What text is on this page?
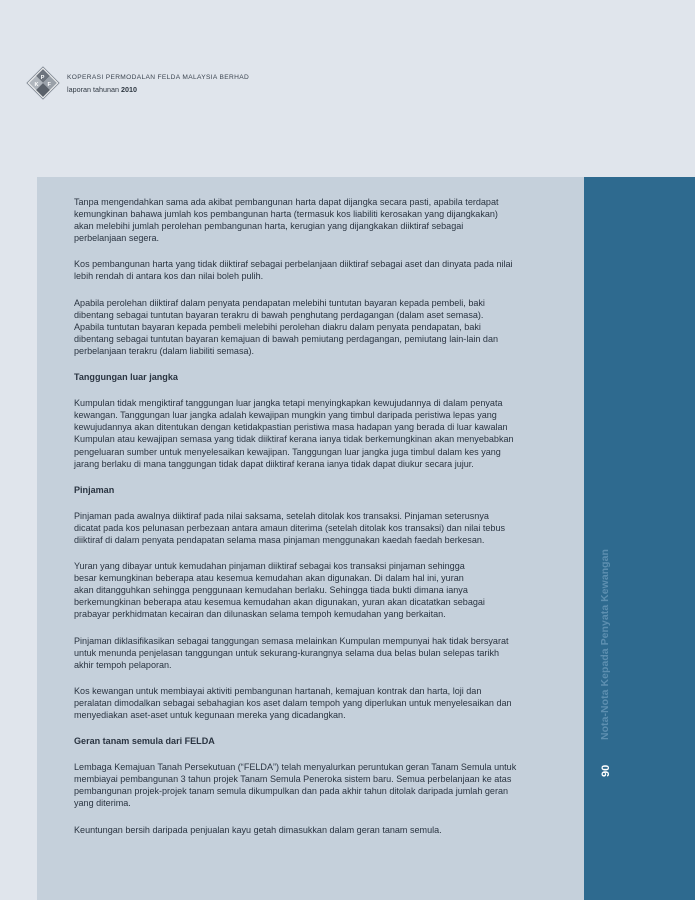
K
P
F
KOPERASI PERMODALAN FELDA MALAYSIA BERHAD
laporan tahunan 2010
Nota-Nota Kepada Penyata Kewangan
90
Tanpa mengendahkan sama ada akibat pembangunan harta dapat dijangka secara pasti, apabila terdapat
kemungkinan bahawa jumlah kos pembangunan harta (termasuk kos liabiliti kerosakan yang dijangkakan)
akan melebihi jumlah perolehan pembangunan harta, kerugian yang dijangkakan diiktiraf sebagai
perbelanjaan segera.
Kos pembangunan harta yang tidak diiktiraf sebagai perbelanjaan diiktiraf sebagai aset dan dinyata pada nilai
lebih rendah di antara kos dan nilai boleh pulih.
Apabila perolehan diiktiraf dalam penyata pendapatan melebihi tuntutan bayaran kepada pembeli, baki
dibentang sebagai tuntutan bayaran terakru di bawah penghutang perdagangan (dalam aset semasa).
Apabila tuntutan bayaran kepada pembeli melebihi perolehan diakru dalam penyata pendapatan, baki
dibentang sebagai tuntutan bayaran kemajuan di bawah pemiutang perdagangan, pemiutang lain-lain dan
perbelanjaan terakru (dalam liabiliti semasa).
Tanggungan luar jangka
Kumpulan tidak mengiktiraf tanggungan luar jangka tetapi menyingkapkan kewujudannya di dalam penyata
kewangan. Tanggungan luar jangka adalah kewajipan mungkin yang timbul daripada peristiwa lepas yang
kewujudannya akan ditentukan dengan ketidakpastian peristiwa masa hadapan yang berada di luar kawalan
Kumpulan atau kewajipan semasa yang tidak diiktiraf kerana ianya tidak berkemungkinan akan menyebabkan
pengeluaran sumber untuk menyelesaikan kewajipan. Tanggungan luar jangka juga timbul dalam kes yang
jarang berlaku di mana tanggungan tidak dapat diiktiraf kerana ianya tidak dapat diukur secara jujur.
Pinjaman
Pinjaman pada awalnya diiktiraf pada nilai saksama, setelah ditolak kos transaksi. Pinjaman seterusnya
dicatat pada kos pelunasan perbezaan antara amaun diterima (setelah ditolak kos transaksi) dan nilai tebus
diiktiraf di dalam penyata pendapatan selama masa pinjaman menggunakan kaedah faedah berkesan.
Yuran yang dibayar untuk kemudahan pinjaman diiktiraf sebagai kos transaksi pinjaman sehingga
besar kemungkinan beberapa atau kesemua kemudahan akan digunakan. Di dalam hal ini, yuran
akan ditangguhkan sehingga penggunaan kemudahan berlaku. Sehingga tiada bukti dimana ianya
berkemungkinan beberapa atau kesemua kemudahan akan digunakan, yuran akan dicatatkan sebagai
prabayar perkhidmatan kecairan dan dilunaskan selama tempoh kemudahan yang berkaitan.
Pinjaman diklasifikasikan sebagai tanggungan semasa melainkan Kumpulan mempunyai hak tidak bersyarat
untuk menunda penjelasan tanggungan untuk sekurang-kurangnya selama dua belas bulan selepas tarikh
akhir tempoh pelaporan.
Kos kewangan untuk membiayai aktiviti pembangunan hartanah, kemajuan kontrak dan harta, loji dan
peralatan dimodalkan sebagai sebahagian kos aset dalam tempoh yang diperlukan untuk menyelesaikan dan
menyediakan aset-aset untuk kegunaan mereka yang dicadangkan.
Geran tanam semula dari FELDA
Lembaga Kemajuan Tanah Persekutuan (“FELDA”) telah menyalurkan peruntukan geran Tanam Semula untuk
membiayai pembangunan 3 tahun projek Tanam Semula Peneroka sistem baru. Semua perbelanjaan ke atas
pembangunan projek-projek tanam semula dikumpulkan dan pada akhir tahun ditolak daripada jumlah geran
yang diterima.
Keuntungan bersih daripada penjualan kayu getah dimasukkan dalam geran tanam semula.
